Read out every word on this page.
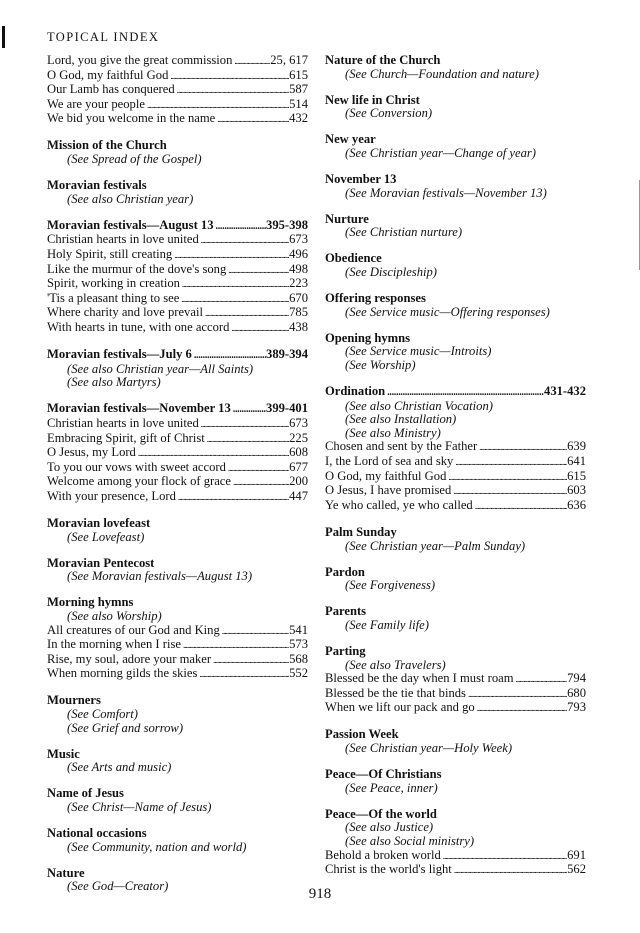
TOPICAL INDEX
Lord, you give the great commission . . .	25, 617
O God, my faithful God . . .	615
Our Lamb has conquered . . .	587
We are your people . . .	514
We bid you welcome in the name . . .	432
Mission of the Church
(See Spread of the Gospel)
Moravian festivals
(See also Christian year)
Moravian festivals—August 13 . . .	395-398
Christian hearts in love united . . .	673
Holy Spirit, still creating . . .	496
Like the murmur of the dove's song . . .	498
Spirit, working in creation . . .	223
'Tis a pleasant thing to see . . .	670
Where charity and love prevail . . .	785
With hearts in tune, with one accord . . .	438
Moravian festivals—July 6 . . .	389-394
(See also Christian year—All Saints)
(See also Martyrs)
Moravian festivals—November 13 . . .	399-401
Christian hearts in love united . . .	673
Embracing Spirit, gift of Christ . . .	225
O Jesus, my Lord . . .	608
To you our vows with sweet accord . . .	677
Welcome among your flock of grace . . .	200
With your presence, Lord . . .	447
Moravian lovefeast
(See Lovefeast)
Moravian Pentecost
(See Moravian festivals—August 13)
Morning hymns
(See also Worship)
All creatures of our God and King . . .	541
In the morning when I rise . . .	573
Rise, my soul, adore your maker . . .	568
When morning gilds the skies . . .	552
Mourners
(See Comfort)
(See Grief and sorrow)
Music
(See Arts and music)
Name of Jesus
(See Christ—Name of Jesus)
National occasions
(See Community, nation and world)
Nature
(See God—Creator)
Nature of the Church
(See Church—Foundation and nature)
New life in Christ
(See Conversion)
New year
(See Christian year—Change of year)
November 13
(See Moravian festivals—November 13)
Nurture
(See Christian nurture)
Obedience
(See Discipleship)
Offering responses
(See Service music—Offering responses)
Opening hymns
(See Service music—Introits)
(See Worship)
Ordination . . .	431-432
(See also Christian Vocation)
(See also Installation)
(See also Ministry)
Chosen and sent by the Father . . .	639
I, the Lord of sea and sky . . .	641
O God, my faithful God . . .	615
O Jesus, I have promised . . .	603
Ye who called, ye who called . . .	636
Palm Sunday
(See Christian year—Palm Sunday)
Pardon
(See Forgiveness)
Parents
(See Family life)
Parting
(See also Travelers)
Blessed be the day when I must roam . . .	794
Blessed be the tie that binds . . .	680
When we lift our pack and go . . .	793
Passion Week
(See Christian year—Holy Week)
Peace—Of Christians
(See Peace, inner)
Peace—Of the world
(See also Justice)
(See also Social ministry)
Behold a broken world . . .	691
Christ is the world's light . . .	562
918
